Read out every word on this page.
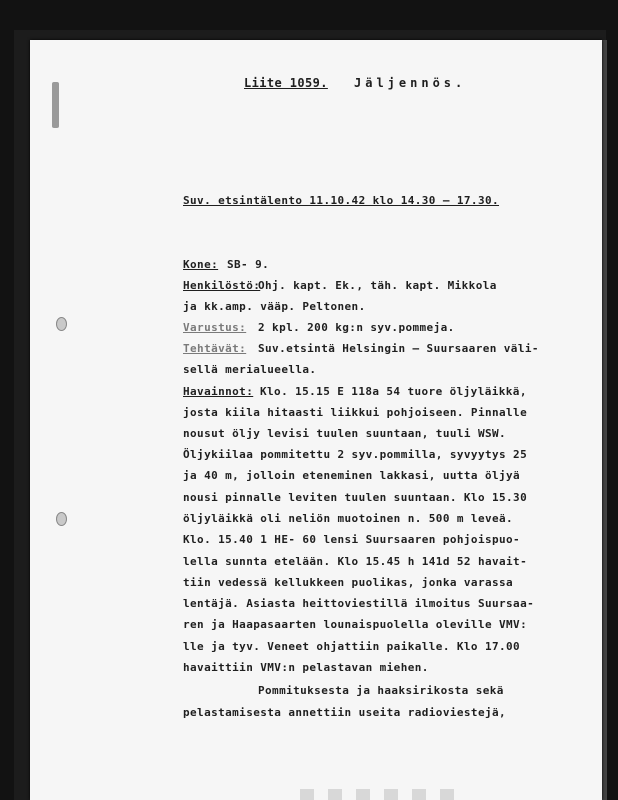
Liite 1059. Jäljennös.
Suv. etsintälento 11.10.42 klo 14.30 – 17.30.
Kone: SB- 9.
Henkilöstö:
Ohj. kapt. Ek., täh. kapt. Mikkola
ja kk.amp. vääp. Peltonen.
Varustus: 2 kpl. 200 kg:n syv.pommeja.
Tehtävät: Suv.etsintä Helsingin – Suursaaren väli-
sellä merialueella.
Havainnot: Klo. 15.15 E 118a 54 tuore öljyläikkä,
josta kiila hitaasti liikkui pohjoiseen. Pinnalle
nousut öljy levisi tuulen suuntaan, tuuli WSW.
Öljykiilaa pommitettu 2 syv.pommilla, syvyytys 25
ja 40 m, jolloin eteneminen lakkasi, uutta öljyä
nousi pinnalle leviten tuulen suuntaan. Klo 15.30
öljyläikkä oli neliön muotoinen n. 500 m leveä.
Klo. 15.40 1 HE- 60 lensi Suursaaren pohjoispuo-
lella sunnta etelään. Klo 15.45 h 141d 52 havait-
tiin vedessä kellukkeen puolikas, jonka varassa
lentäjä. Asiasta heittoviestillä ilmoitus Suursaa-
ren ja Haapasaarten lounaispuolella oleville VMV:
lle ja tyv. Veneet ohjattiin paikalle. Klo 17.00
havaittiin VMV:n pelastavan miehen.
Pommituksesta ja haaksirikosta sekä
pelastamisesta annettiin useita radioviestejä,
